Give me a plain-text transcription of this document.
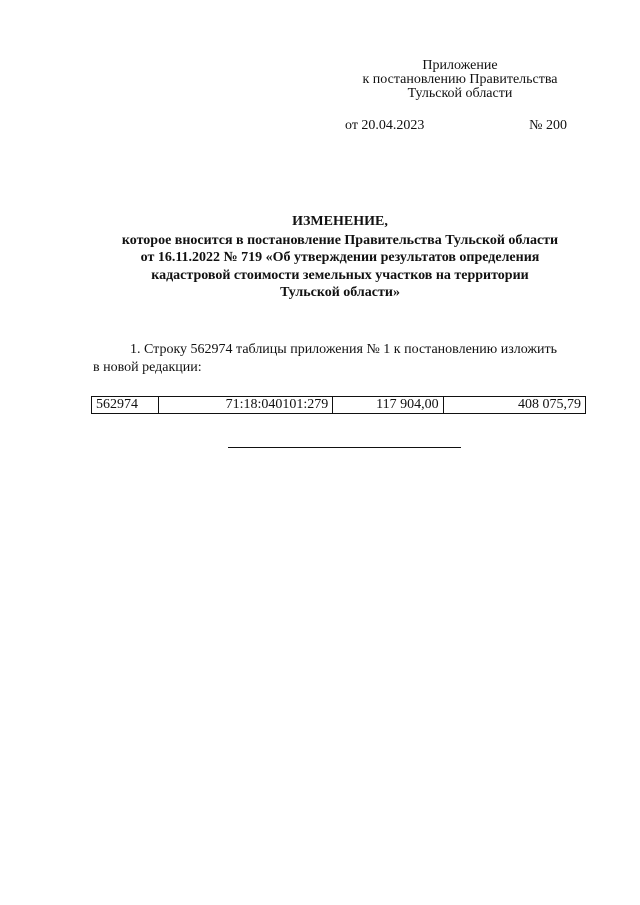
Приложение
к постановлению Правительства
Тульской области
от 20.04.2023	№ 200
ИЗМЕНЕНИЕ,
которое вносится в постановление Правительства Тульской области
от 16.11.2022 № 719 «Об утверждении результатов определения
кадастровой стоимости земельных участков на территории
Тульской области»
1. Строку 562974 таблицы приложения № 1 к постановлению изложить
в новой редакции:
562974	71:18:040101:279	117 904,00	408 075,79
